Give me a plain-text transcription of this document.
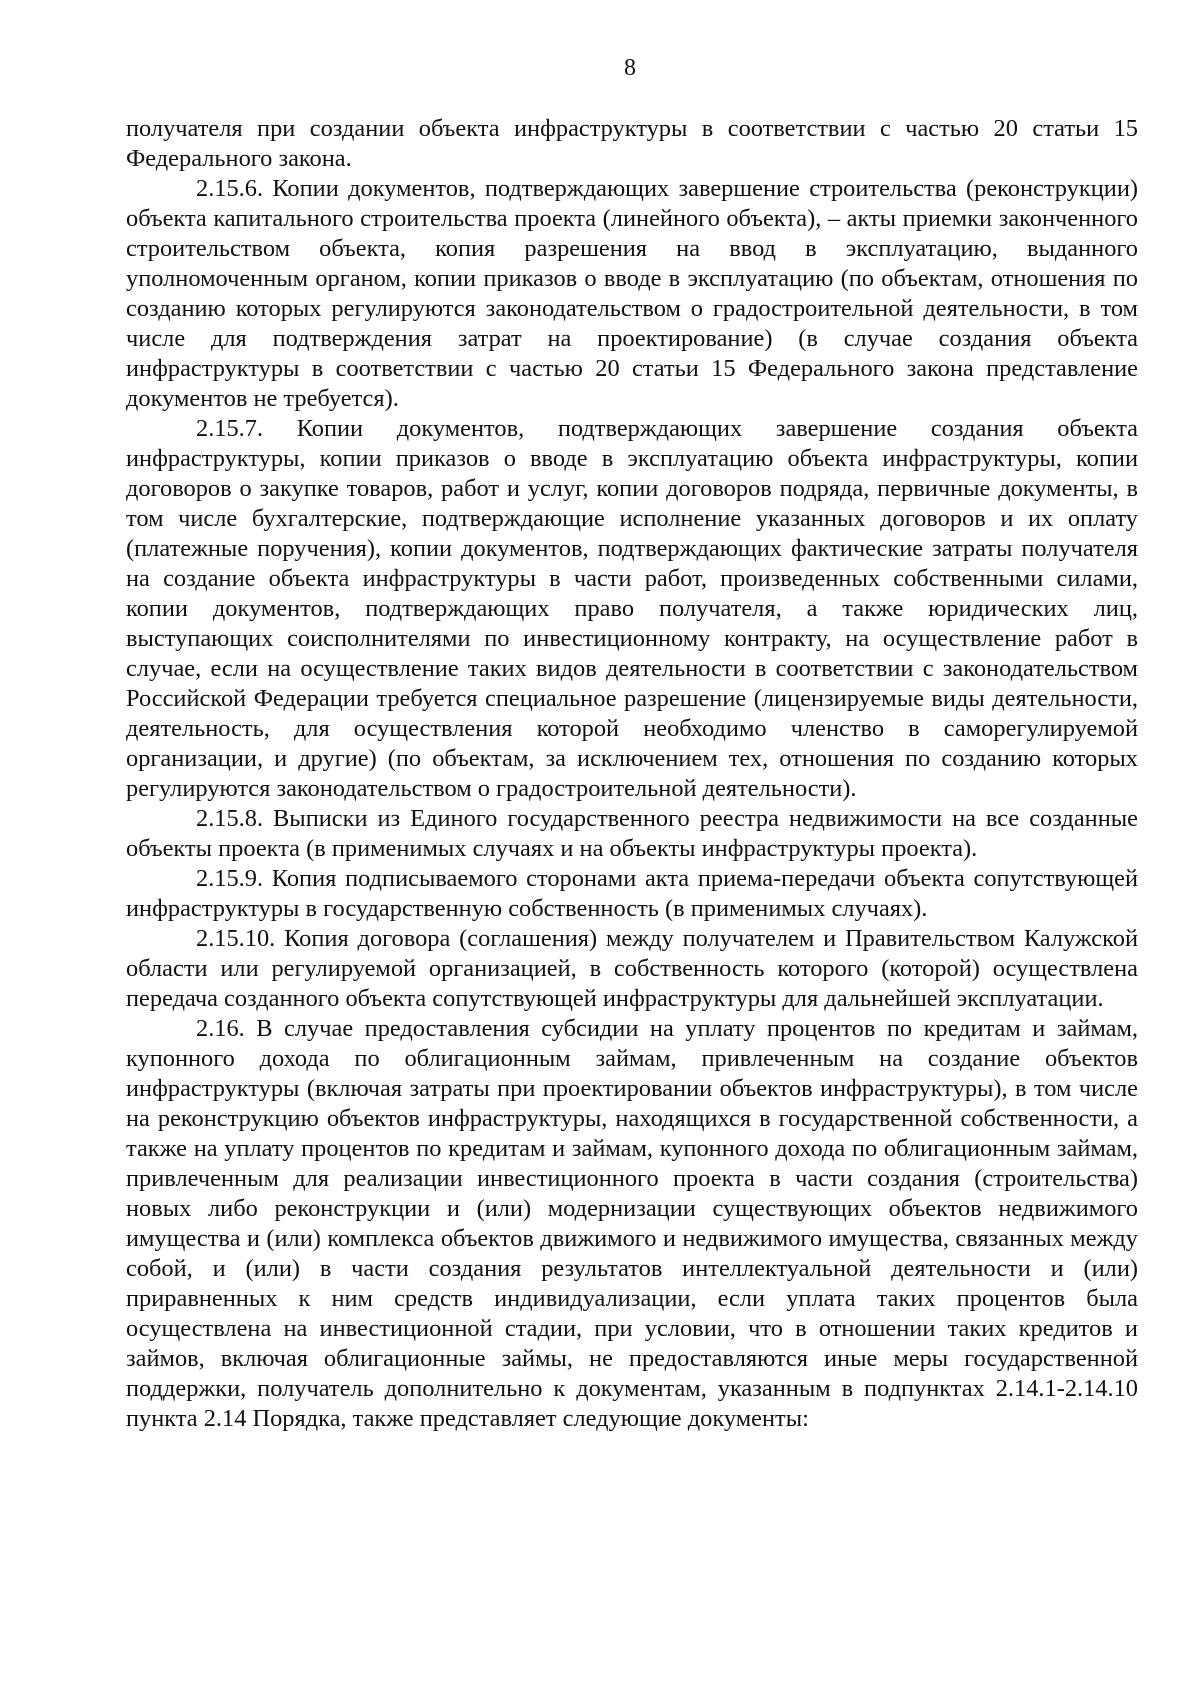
8

получателя при создании объекта инфраструктуры в соответствии с частью 20 статьи 15 Федерального закона.

2.15.6. Копии документов, подтверждающих завершение строительства (реконструкции) объекта капитального строительства проекта (линейного объекта), – акты приемки законченного строительством объекта, копия разрешения на ввод в эксплуатацию, выданного уполномоченным органом, копии приказов о вводе в эксплуатацию (по объектам, отношения по созданию которых регулируются законодательством о градостроительной деятельности, в том числе для подтверждения затрат на проектирование) (в случае создания объекта инфраструктуры в соответствии с частью 20 статьи 15 Федерального закона представление документов не требуется).

2.15.7. Копии документов, подтверждающих завершение создания объекта инфраструктуры, копии приказов о вводе в эксплуатацию объекта инфраструктуры, копии договоров о закупке товаров, работ и услуг, копии договоров подряда, первичные документы, в том числе бухгалтерские, подтверждающие исполнение указанных договоров и их оплату (платежные поручения), копии документов, подтверждающих фактические затраты получателя на создание объекта инфраструктуры в части работ, произведенных собственными силами, копии документов, подтверждающих право получателя, а также юридических лиц, выступающих соисполнителями по инвестиционному контракту, на осуществление работ в случае, если на осуществление таких видов деятельности в соответствии с законодательством Российской Федерации требуется специальное разрешение (лицензируемые виды деятельности, деятельность, для осуществления которой необходимо членство в саморегулируемой организации, и другие) (по объектам, за исключением тех, отношения по созданию которых регулируются законодательством о градостроительной деятельности).

2.15.8. Выписки из Единого государственного реестра недвижимости на все созданные объекты проекта (в применимых случаях и на объекты инфраструктуры проекта).

2.15.9. Копия подписываемого сторонами акта приема-передачи объекта сопутствующей инфраструктуры в государственную собственность (в применимых случаях).

2.15.10. Копия договора (соглашения) между получателем и Правительством Калужской области или регулируемой организацией, в собственность которого (которой) осуществлена передача созданного объекта сопутствующей инфраструктуры для дальнейшей эксплуатации.

2.16. В случае предоставления субсидии на уплату процентов по кредитам и займам, купонного дохода по облигационным займам, привлеченным на создание объектов инфраструктуры (включая затраты при проектировании объектов инфраструктуры), в том числе на реконструкцию объектов инфраструктуры, находящихся в государственной собственности, а также на уплату процентов по кредитам и займам, купонного дохода по облигационным займам, привлеченным для реализации инвестиционного проекта в части создания (строительства) новых либо реконструкции и (или) модернизации существующих объектов недвижимого имущества и (или) комплекса объектов движимого и недвижимого имущества, связанных между собой, и (или) в части создания результатов интеллектуальной деятельности и (или) приравненных к ним средств индивидуализации, если уплата таких процентов была осуществлена на инвестиционной стадии, при условии, что в отношении таких кредитов и займов, включая облигационные займы, не предоставляются иные меры государственной поддержки, получатель дополнительно к документам, указанным в подпунктах 2.14.1-2.14.10 пункта 2.14 Порядка, также представляет следующие документы:
